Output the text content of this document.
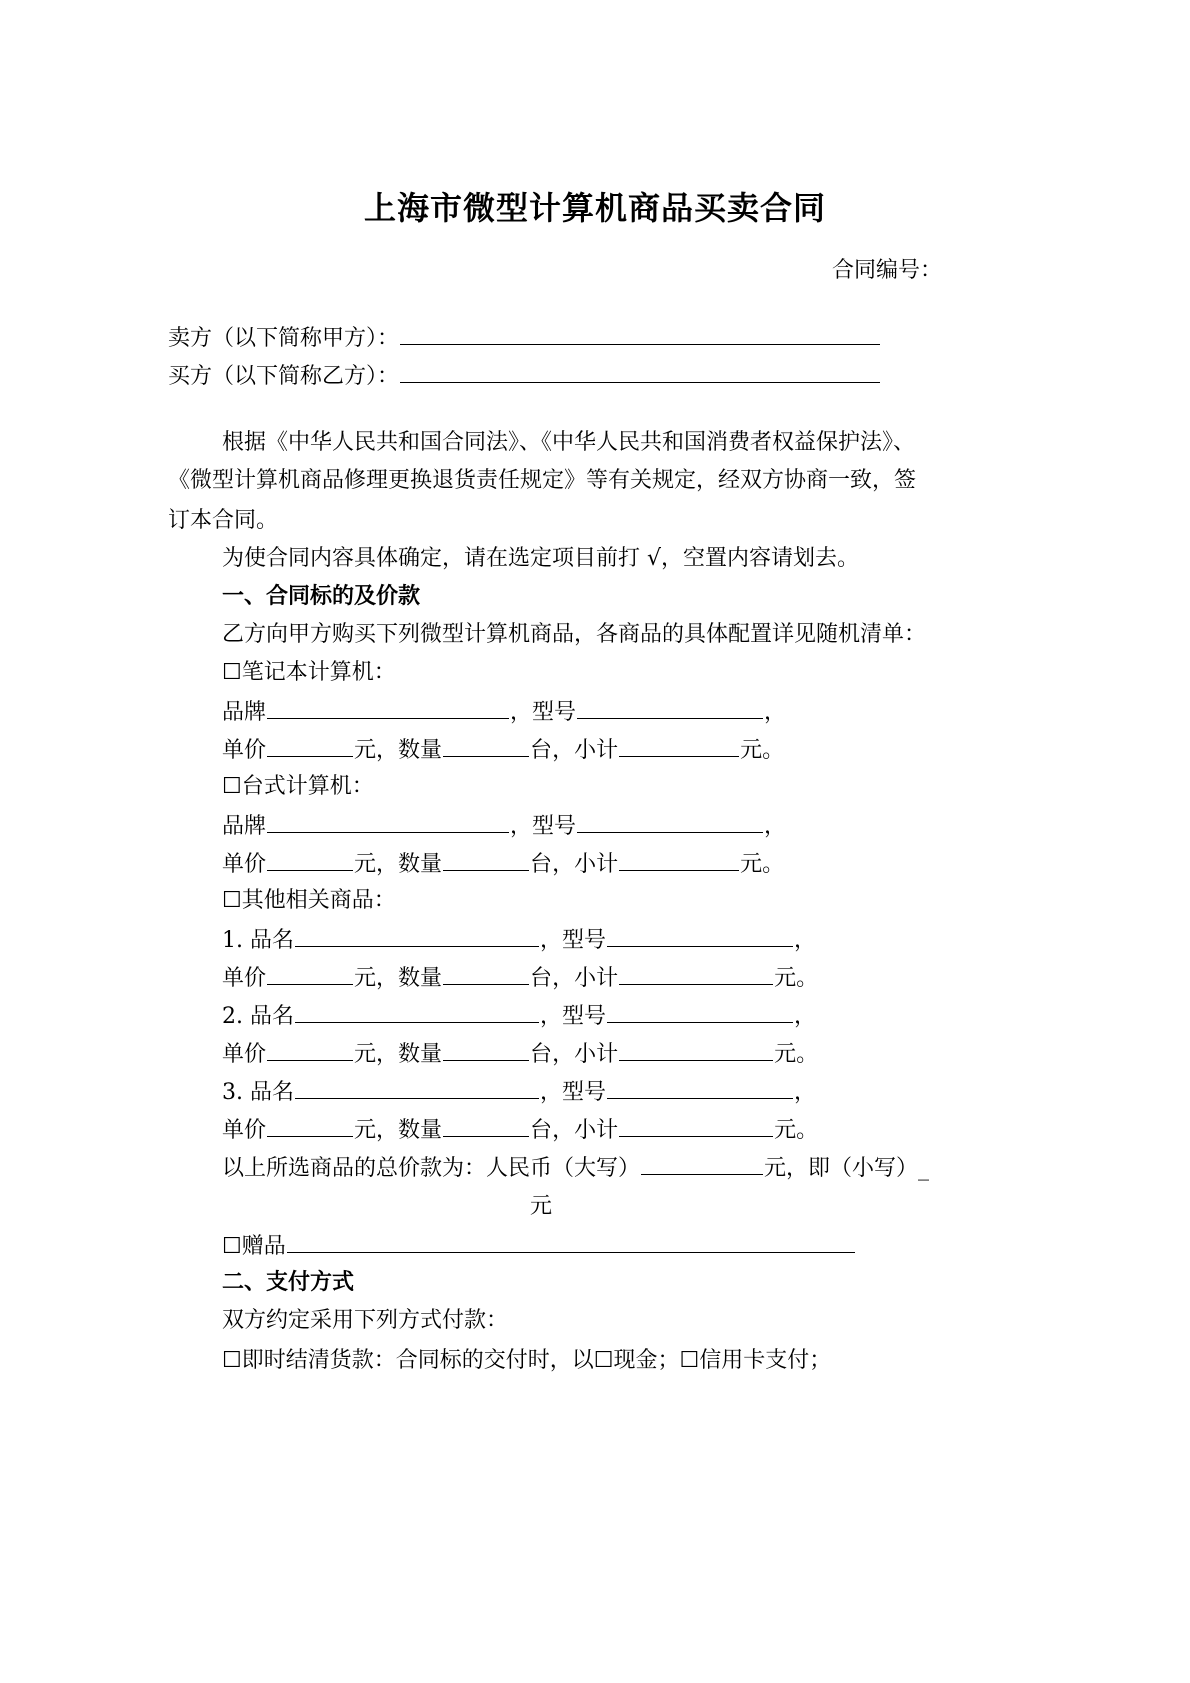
上海市微型计算机商品买卖合同
合同编号：
卖方（以下简称甲方）：
买方（以下简称乙方）：
根据《中华人民共和国合同法》、《中华人民共和国消费者权益保护法》、
《微型计算机商品修理更换退货责任规定》等有关规定，经双方协商一致，签
订本合同。
为使合同内容具体确定，请在选定项目前打 √，空置内容请划去。
一、合同标的及价款
乙方向甲方购买下列微型计算机商品，各商品的具体配置详见随机清单：
☐笔记本计算机：
品牌	，型号	，
单价	元，数量	台，小计	元。
☐台式计算机：
品牌	，型号	，
单价	元，数量	台，小计	元。
☐其他相关商品：
1. 品名	，型号	，
单价	元，数量	台，小计	元。
2. 品名	，型号	，
单价	元，数量	台，小计	元。
3. 品名	，型号	，
单价	元，数量	台，小计	元。
以上所选商品的总价款为：人民币（大写）	元，即（小写）_
元
☐赠品
二、支付方式
双方约定采用下列方式付款：
☐即时结清货款：合同标的交付时，以☐现金；☐信用卡支付；
